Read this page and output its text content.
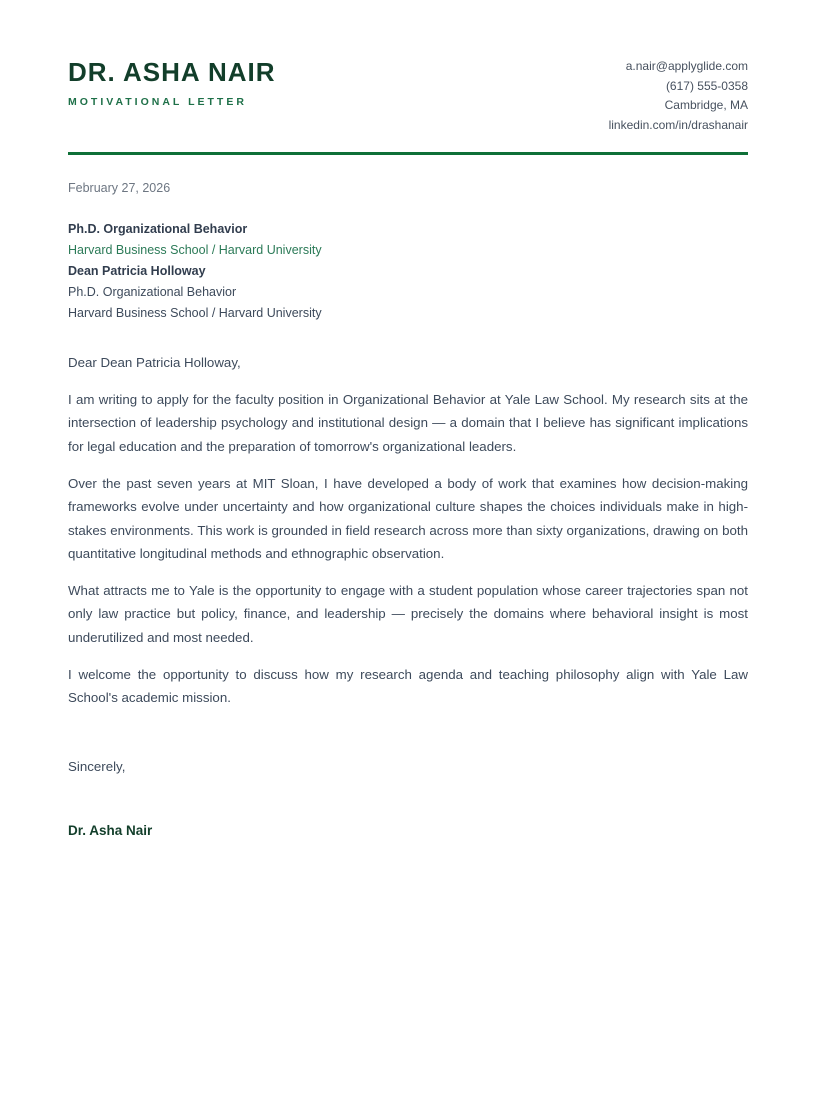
DR. ASHA NAIR
MOTIVATIONAL LETTER
a.nair@applyglide.com
(617) 555-0358
Cambridge, MA
linkedin.com/in/drashanair
February 27, 2026
Ph.D. Organizational Behavior
Harvard Business School / Harvard University
Dean Patricia Holloway
Ph.D. Organizational Behavior
Harvard Business School / Harvard University
Dear Dean Patricia Holloway,

I am writing to apply for the faculty position in Organizational Behavior at Yale Law School. My research sits at the intersection of leadership psychology and institutional design — a domain that I believe has significant implications for legal education and the preparation of tomorrow's organizational leaders.

Over the past seven years at MIT Sloan, I have developed a body of work that examines how decision-making frameworks evolve under uncertainty and how organizational culture shapes the choices individuals make in high-stakes environments. This work is grounded in field research across more than sixty organizations, drawing on both quantitative longitudinal methods and ethnographic observation.

What attracts me to Yale is the opportunity to engage with a student population whose career trajectories span not only law practice but policy, finance, and leadership — precisely the domains where behavioral insight is most underutilized and most needed.

I welcome the opportunity to discuss how my research agenda and teaching philosophy align with Yale Law School's academic mission.

Sincerely,
Dr. Asha Nair
